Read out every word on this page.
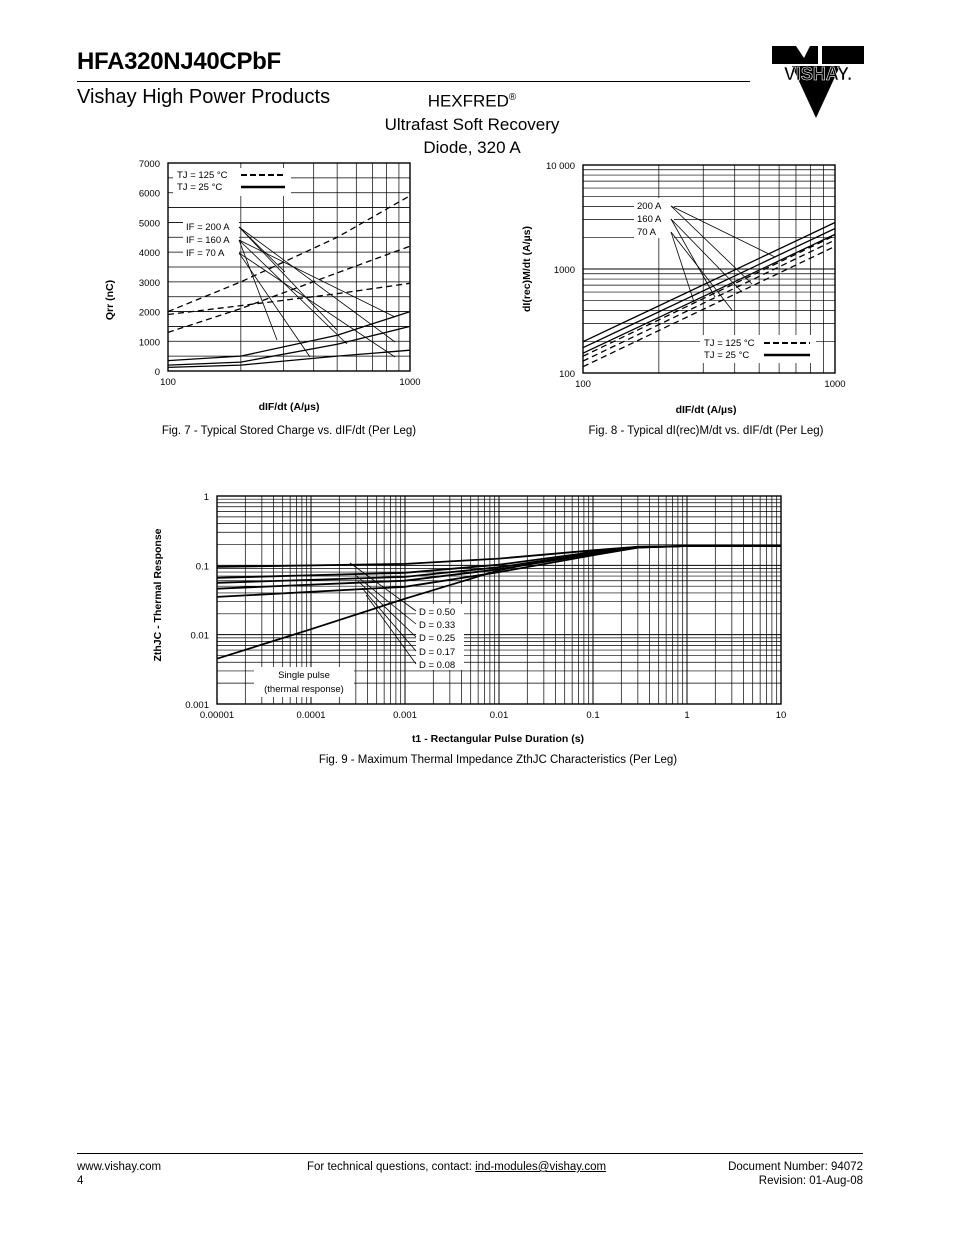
HFA320NJ40CPbF
Vishay High Power Products	HEXFRED®
Ultrafast Soft Recovery
Diode, 320 A
VISHAY.
100	1000
0
1000
2000
3000
4000
5000
6000
7000
TJ = 125 °C
TJ = 25 °C
IF = 200 A
IF = 160 A
IF = 70 A
Qrr (nC)
dIF/dt (A/µs)
Fig. 7 - Typical Stored Charge vs. dIF/dt (Per Leg)
100	1000
100
1000
10 000
200 A
160 A
70 A
TJ = 125 °C
TJ = 25 °C
dI(rec)M/dt (A/µs)
dIF/dt (A/µs)
Fig. 8 - Typical dI(rec)M/dt vs. dIF/dt (Per Leg)
0.00001	0.0001	0.001	0.01	0.1	1	10
0.001
0.01
0.1
1
D = 0.50
D = 0.33
D = 0.25
D = 0.17
D = 0.08
Single pulse
(thermal response)
ZthJC - Thermal Response
t1 - Rectangular Pulse Duration (s)
Fig. 9 - Maximum Thermal Impedance ZthJC Characteristics (Per Leg)
www.vishay.com
4
For technical questions, contact: ind-modules@vishay.com	Document Number: 94072
Revision: 01-Aug-08
